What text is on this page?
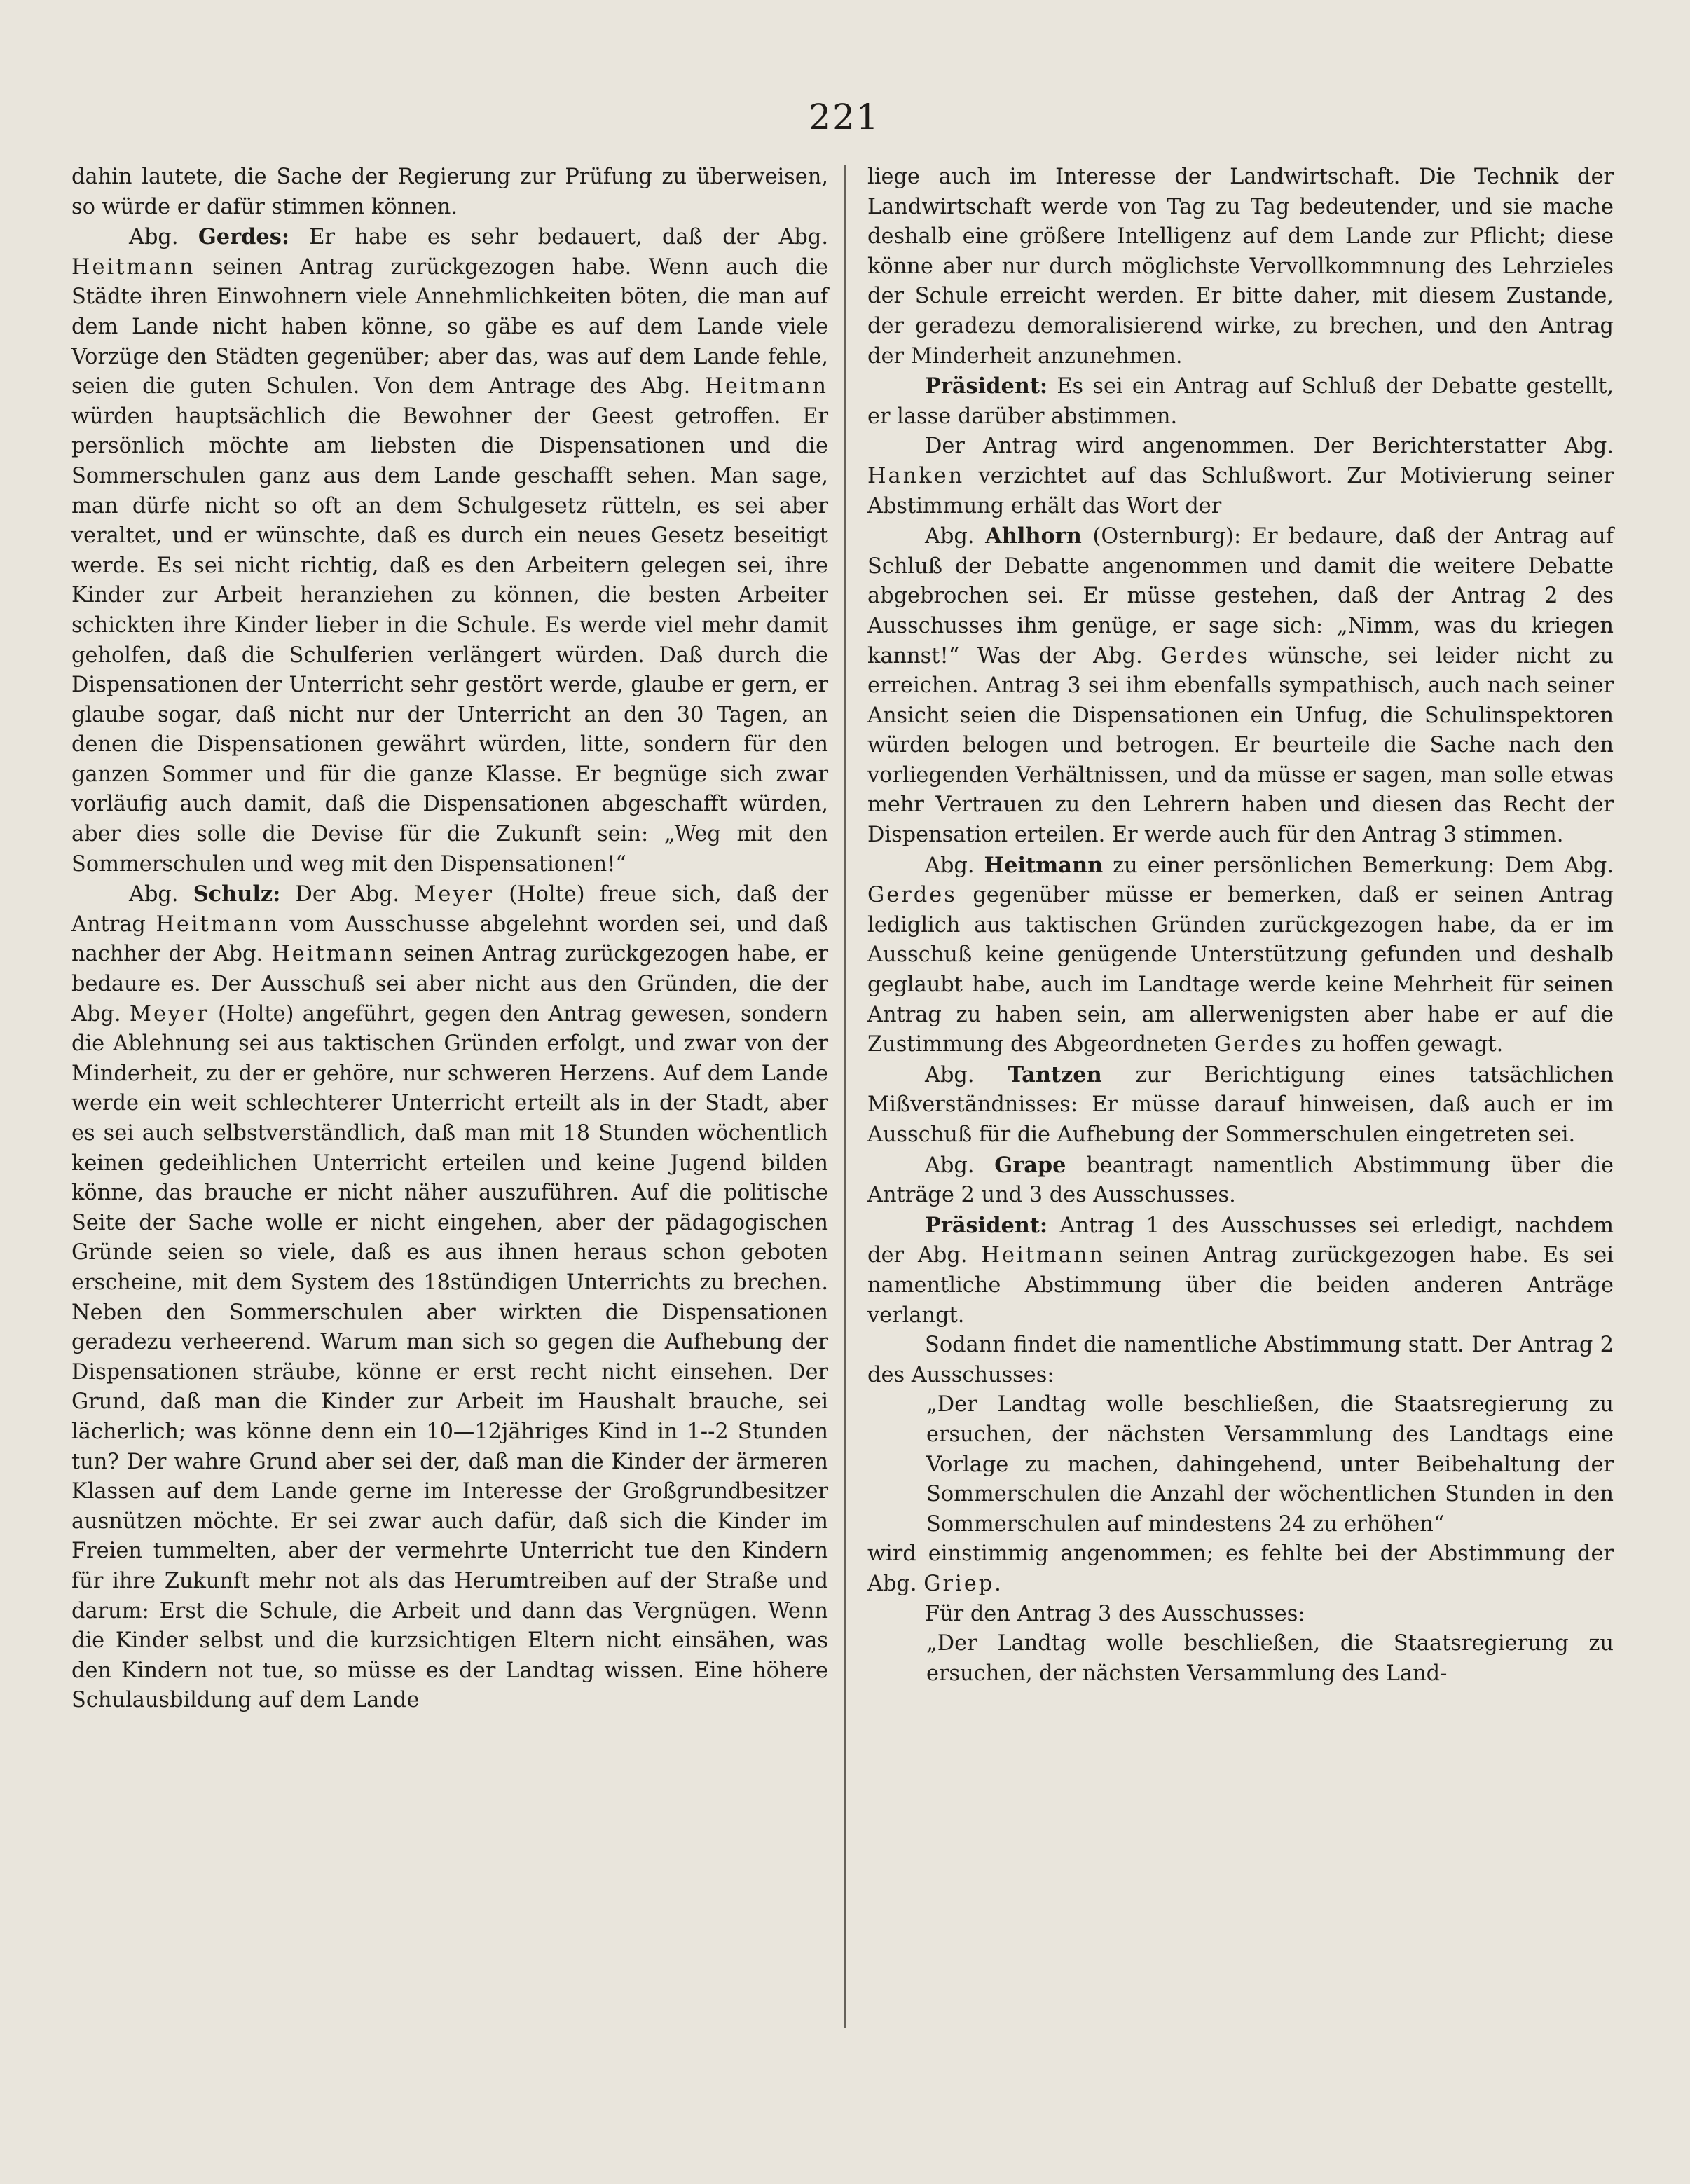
221

dahin lautete, die Sache der Regierung zur Prüfung zu überweisen, so würde er dafür stimmen können.

Abg. Gerdes: Er habe es sehr bedauert, daß der Abg. Heitmann seinen Antrag zurückgezogen habe. Wenn auch die Städte ihren Einwohnern viele Annehmlichkeiten böten, die man auf dem Lande nicht haben könne, so gäbe es auf dem Lande viele Vorzüge den Städten gegenüber; aber das, was auf dem Lande fehle, seien die guten Schulen. Von dem Antrage des Abg. Heitmann würden hauptsächlich die Bewohner der Geest getroffen. Er persönlich möchte am liebsten die Dispensationen und die Sommerschulen ganz aus dem Lande geschafft sehen. Man sage, man dürfe nicht so oft an dem Schulgesetz rütteln, es sei aber veraltet, und er wünschte, daß es durch ein neues Gesetz beseitigt werde. Es sei nicht richtig, daß es den Arbeitern gelegen sei, ihre Kinder zur Arbeit heranziehen zu können, die besten Arbeiter schickten ihre Kinder lieber in die Schule. Es werde viel mehr damit geholfen, daß die Schulferien verlängert würden. Daß durch die Dispensationen der Unterricht sehr gestört werde, glaube er gern, er glaube sogar, daß nicht nur der Unterricht an den 30 Tagen, an denen die Dispensationen gewährt würden, litte, sondern für den ganzen Sommer und für die ganze Klasse. Er begnüge sich zwar vorläufig auch damit, daß die Dispensationen abgeschafft würden, aber dies solle die Devise für die Zukunft sein: „Weg mit den Sommerschulen und weg mit den Dispensationen!“

Abg. Schulz: Der Abg. Meyer (Holte) freue sich, daß der Antrag Heitmann vom Ausschusse abgelehnt worden sei, und daß nachher der Abg. Heitmann seinen Antrag zurückgezogen habe, er bedaure es. Der Ausschuß sei aber nicht aus den Gründen, die der Abg. Meyer (Holte) angeführt, gegen den Antrag gewesen, sondern die Ablehnung sei aus taktischen Gründen erfolgt, und zwar von der Minderheit, zu der er gehöre, nur schweren Herzens. Auf dem Lande werde ein weit schlechterer Unterricht erteilt als in der Stadt, aber es sei auch selbstverständlich, daß man mit 18 Stunden wöchentlich keinen gedeihlichen Unterricht erteilen und keine Jugend bilden könne, das brauche er nicht näher auszuführen. Auf die politische Seite der Sache wolle er nicht eingehen, aber der pädagogischen Gründe seien so viele, daß es aus ihnen heraus schon geboten erscheine, mit dem System des 18stündigen Unterrichts zu brechen. Neben den Sommerschulen aber wirkten die Dispensationen geradezu verheerend. Warum man sich so gegen die Aufhebung der Dispensationen sträube, könne er erst recht nicht einsehen. Der Grund, daß man die Kinder zur Arbeit im Haushalt brauche, sei lächerlich; was könne denn ein 10—12jähriges Kind in 1--2 Stunden tun? Der wahre Grund aber sei der, daß man die Kinder der ärmeren Klassen auf dem Lande gerne im Interesse der Großgrundbesitzer ausnützen möchte. Er sei zwar auch dafür, daß sich die Kinder im Freien tummelten, aber der vermehrte Unterricht tue den Kindern für ihre Zukunft mehr not als das Herumtreiben auf der Straße und darum: Erst die Schule, die Arbeit und dann das Vergnügen. Wenn die Kinder selbst und die kurzsichtigen Eltern nicht einsähen, was den Kindern not tue, so müsse es der Landtag wissen. Eine höhere Schulausbildung auf dem Lande

liege auch im Interesse der Landwirtschaft. Die Technik der Landwirtschaft werde von Tag zu Tag bedeutender, und sie mache deshalb eine größere Intelligenz auf dem Lande zur Pflicht; diese könne aber nur durch möglichste Vervollkommnung des Lehrzieles der Schule erreicht werden. Er bitte daher, mit diesem Zustande, der geradezu demoralisierend wirke, zu brechen, und den Antrag der Minderheit anzunehmen.

Präsident: Es sei ein Antrag auf Schluß der Debatte gestellt, er lasse darüber abstimmen.

Der Antrag wird angenommen. Der Berichterstatter Abg. Hanken verzichtet auf das Schlußwort. Zur Motivierung seiner Abstimmung erhält das Wort der

Abg. Ahlhorn (Osternburg): Er bedaure, daß der Antrag auf Schluß der Debatte angenommen und damit die weitere Debatte abgebrochen sei. Er müsse gestehen, daß der Antrag 2 des Ausschusses ihm genüge, er sage sich: „Nimm, was du kriegen kannst!“ Was der Abg. Gerdes wünsche, sei leider nicht zu erreichen. Antrag 3 sei ihm ebenfalls sympathisch, auch nach seiner Ansicht seien die Dispensationen ein Unfug, die Schulinspektoren würden belogen und betrogen. Er beurteile die Sache nach den vorliegenden Verhältnissen, und da müsse er sagen, man solle etwas mehr Vertrauen zu den Lehrern haben und diesen das Recht der Dispensation erteilen. Er werde auch für den Antrag 3 stimmen.

Abg. Heitmann zu einer persönlichen Bemerkung: Dem Abg. Gerdes gegenüber müsse er bemerken, daß er seinen Antrag lediglich aus taktischen Gründen zurückgezogen habe, da er im Ausschuß keine genügende Unterstützung gefunden und deshalb geglaubt habe, auch im Landtage werde keine Mehrheit für seinen Antrag zu haben sein, am allerwenigsten aber habe er auf die Zustimmung des Abgeordneten Gerdes zu hoffen gewagt.

Abg. Tantzen zur Berichtigung eines tatsächlichen Mißverständnisses: Er müsse darauf hinweisen, daß auch er im Ausschuß für die Aufhebung der Sommerschulen eingetreten sei.

Abg. Grape beantragt namentlich Abstimmung über die Anträge 2 und 3 des Ausschusses.

Präsident: Antrag 1 des Ausschusses sei erledigt, nachdem der Abg. Heitmann seinen Antrag zurückgezogen habe. Es sei namentliche Abstimmung über die beiden anderen Anträge verlangt.

Sodann findet die namentliche Abstimmung statt. Der Antrag 2 des Ausschusses:

„Der Landtag wolle beschließen, die Staatsregierung zu ersuchen, der nächsten Versammlung des Landtags eine Vorlage zu machen, dahingehend, unter Beibehaltung der Sommerschulen die Anzahl der wöchentlichen Stunden in den Sommerschulen auf mindestens 24 zu erhöhen“

wird einstimmig angenommen; es fehlte bei der Abstimmung der Abg. Griep.

Für den Antrag 3 des Ausschusses:

„Der Landtag wolle beschließen, die Staatsregierung zu ersuchen, der nächsten Versammlung des Land-
